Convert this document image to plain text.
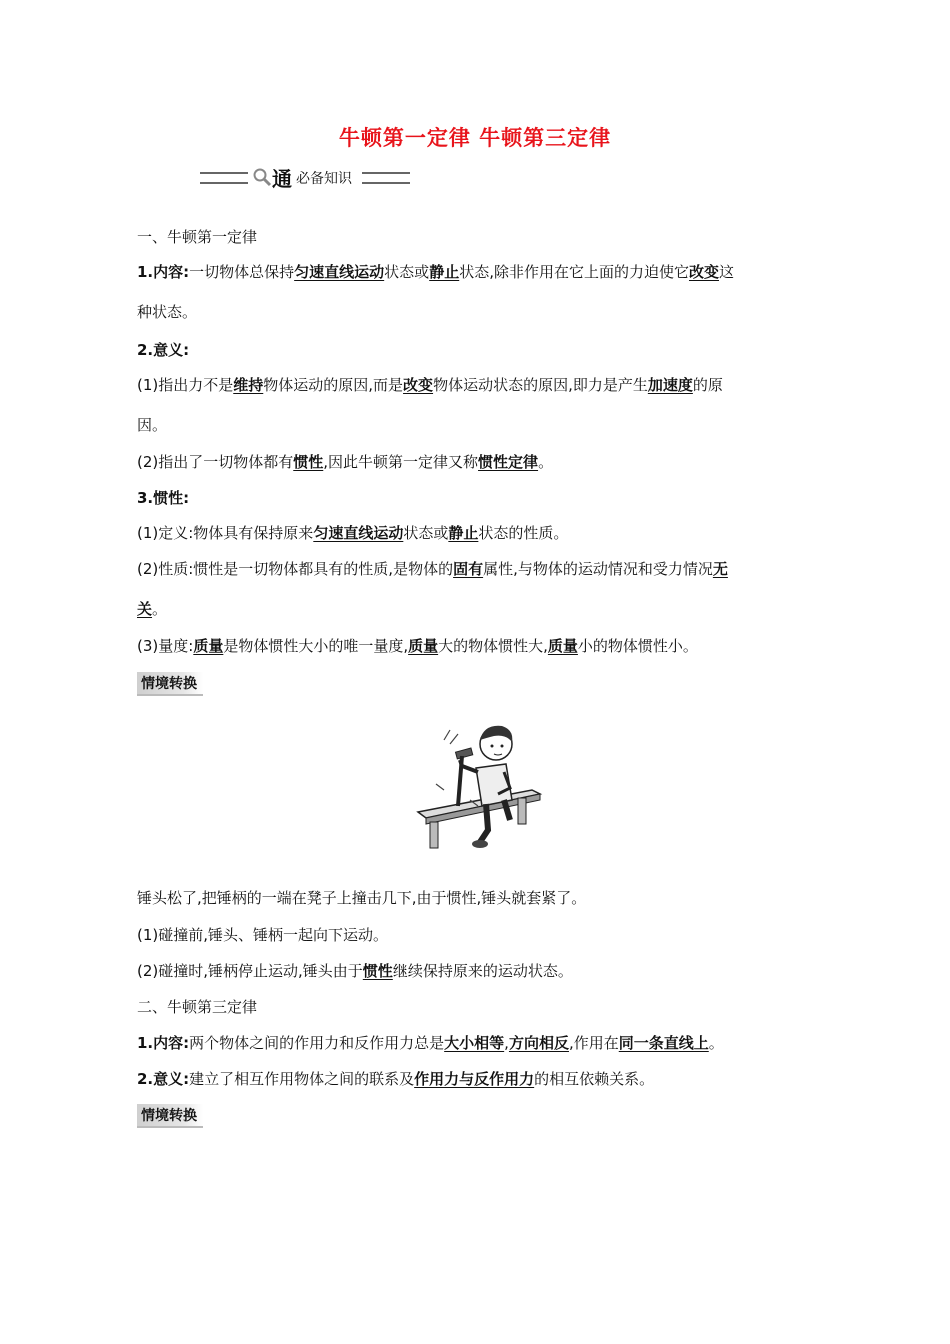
牛顿第一定律 牛顿第三定律
通 必备知识
一、牛顿第一定律
1.内容:一切物体总保持匀速直线运动状态或静止状态,除非作用在它上面的力迫使它改变这
种状态。
2.意义:
(1)指出力不是维持物体运动的原因,而是改变物体运动状态的原因,即力是产生加速度的原
因。
(2)指出了一切物体都有惯性,因此牛顿第一定律又称惯性定律。
3.惯性:
(1)定义:物体具有保持原来匀速直线运动状态或静止状态的性质。
(2)性质:惯性是一切物体都具有的性质,是物体的固有属性,与物体的运动情况和受力情况无
关。
(3)量度:质量是物体惯性大小的唯一量度,质量大的物体惯性大,质量小的物体惯性小。
情境转换
锤头松了,把锤柄的一端在凳子上撞击几下,由于惯性,锤头就套紧了。
(1)碰撞前,锤头、锤柄一起向下运动。
(2)碰撞时,锤柄停止运动,锤头由于惯性继续保持原来的运动状态。
二、牛顿第三定律
1.内容:两个物体之间的作用力和反作用力总是大小相等,方向相反,作用在同一条直线上。
2.意义:建立了相互作用物体之间的联系及作用力与反作用力的相互依赖关系。
情境转换
